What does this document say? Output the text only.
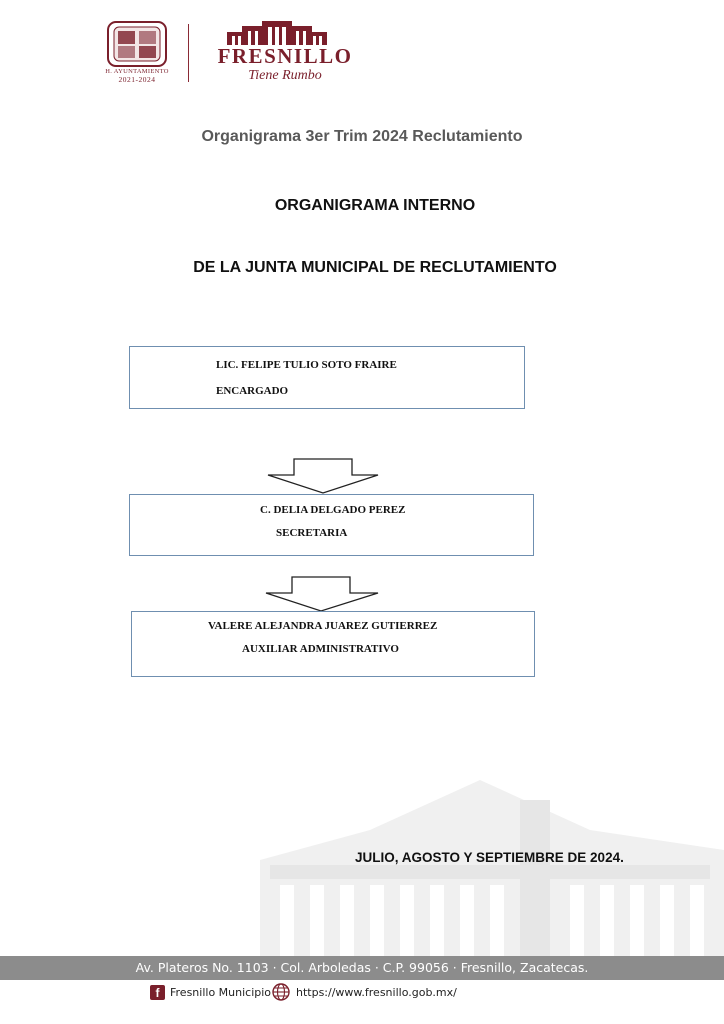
H. AYUNTAMIENTO
2021-2024
FRESNILLO
Tiene Rumbo
Organigrama 3er Trim 2024 Reclutamiento
ORGANIGRAMA INTERNO
DE LA JUNTA MUNICIPAL DE RECLUTAMIENTO
LIC. FELIPE TULIO SOTO FRAIRE
ENCARGADO
C. DELIA DELGADO PEREZ
SECRETARIA
VALERE ALEJANDRA JUAREZ GUTIERREZ
AUXILIAR ADMINISTRATIVO
JULIO, AGOSTO Y SEPTIEMBRE DE 2024.
Av. Plateros No. 1103 · Col. Arboledas · C.P. 99056 · Fresnillo, Zacatecas.
f Fresnillo Municipio https://www.fresnillo.gob.mx/
